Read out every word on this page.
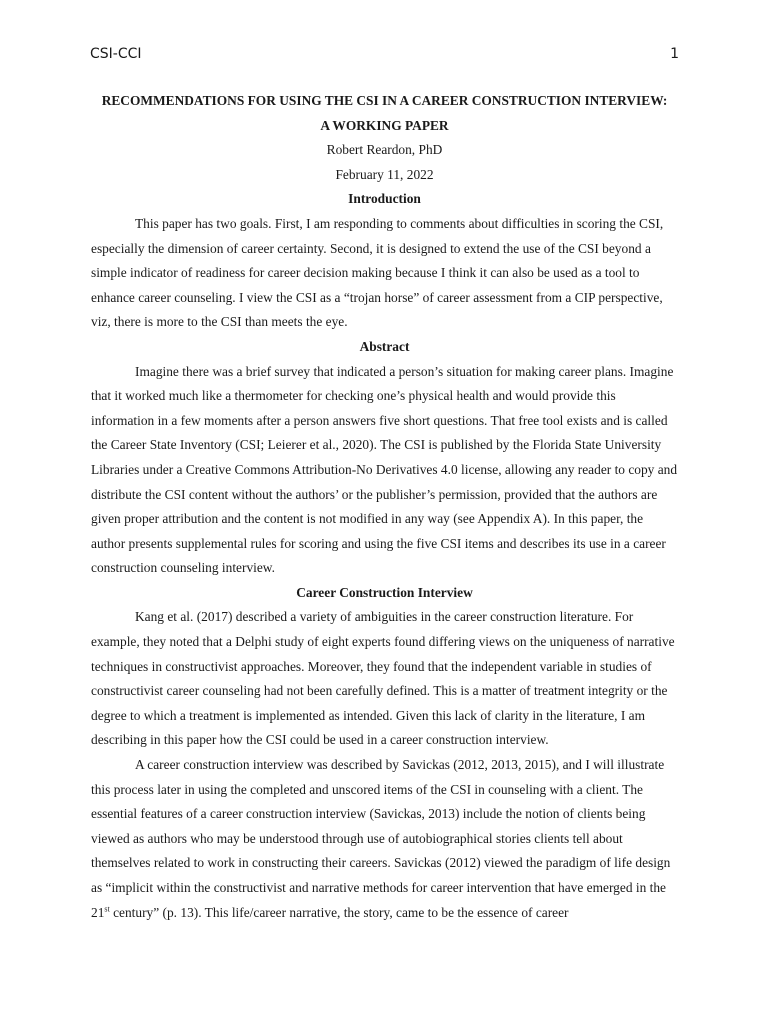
CSI-CCI	1

RECOMMENDATIONS FOR USING THE CSI IN A CAREER CONSTRUCTION INTERVIEW:

A WORKING PAPER

Robert Reardon, PhD

February 11, 2022

Introduction

This paper has two goals. First, I am responding to comments about difficulties in scoring the CSI, especially the dimension of career certainty. Second, it is designed to extend the use of the CSI beyond a simple indicator of readiness for career decision making because I think it can also be used as a tool to enhance career counseling. I view the CSI as a “trojan horse” of career assessment from a CIP perspective, viz, there is more to the CSI than meets the eye.

Abstract

Imagine there was a brief survey that indicated a person’s situation for making career plans. Imagine that it worked much like a thermometer for checking one’s physical health and would provide this information in a few moments after a person answers five short questions. That free tool exists and is called the Career State Inventory (CSI; Leierer et al., 2020). The CSI is published by the Florida State University Libraries under a Creative Commons Attribution-No Derivatives 4.0 license, allowing any reader to copy and distribute the CSI content without the authors’ or the publisher’s permission, provided that the authors are given proper attribution and the content is not modified in any way (see Appendix A). In this paper, the author presents supplemental rules for scoring and using the five CSI items and describes its use in a career construction counseling interview.

Career Construction Interview

Kang et al. (2017) described a variety of ambiguities in the career construction literature. For example, they noted that a Delphi study of eight experts found differing views on the uniqueness of narrative techniques in constructivist approaches. Moreover, they found that the independent variable in studies of constructivist career counseling had not been carefully defined. This is a matter of treatment integrity or the degree to which a treatment is implemented as intended. Given this lack of clarity in the literature, I am describing in this paper how the CSI could be used in a career construction interview.

A career construction interview was described by Savickas (2012, 2013, 2015), and I will illustrate this process later in using the completed and unscored items of the CSI in counseling with a client. The essential features of a career construction interview (Savickas, 2013) include the notion of clients being viewed as authors who may be understood through use of autobiographical stories clients tell about themselves related to work in constructing their careers. Savickas (2012) viewed the paradigm of life design as “implicit within the constructivist and narrative methods for career intervention that have emerged in the 21st century” (p. 13). This life/career narrative, the story, came to be the essence of career
